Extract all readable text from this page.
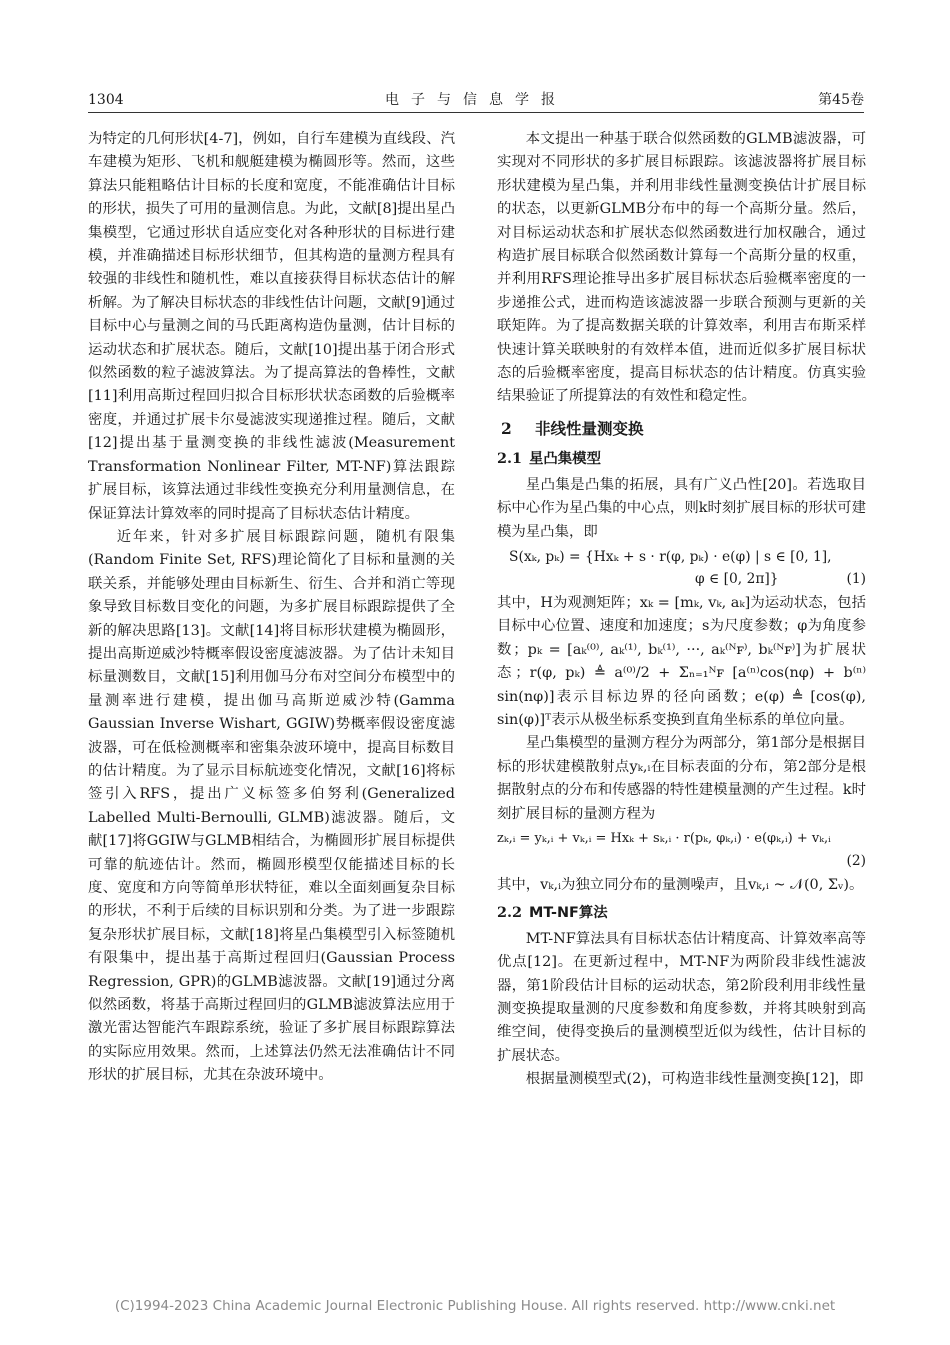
1304	电子与信息学报	第45卷

为特定的几何形状[4-7]，例如，自行车建模为直线段、汽车建模为矩形、飞机和舰艇建模为椭圆形等。然而，这些算法只能粗略估计目标的长度和宽度，不能准确估计目标的形状，损失了可用的量测信息。为此，文献[8]提出星凸集模型，它通过形状自适应变化对各种形状的目标进行建模，并准确描述目标形状细节，但其构造的量测方程具有较强的非线性和随机性，难以直接获得目标状态估计的解析解。为了解决目标状态的非线性估计问题，文献[9]通过目标中心与量测之间的马氏距离构造伪量测，估计目标的运动状态和扩展状态。随后，文献[10]提出基于闭合形式似然函数的粒子滤波算法。为了提高算法的鲁棒性，文献[11]利用高斯过程回归拟合目标形状状态函数的后验概率密度，并通过扩展卡尔曼滤波实现递推过程。随后，文献[12]提出基于量测变换的非线性滤波(Measurement Transformation Nonlinear Filter, MT-NF)算法跟踪扩展目标，该算法通过非线性变换充分利用量测信息，在保证算法计算效率的同时提高了目标状态估计精度。

近年来，针对多扩展目标跟踪问题，随机有限集(Random Finite Set, RFS)理论简化了目标和量测的关联关系，并能够处理由目标新生、衍生、合并和消亡等现象导致目标数目变化的问题，为多扩展目标跟踪提供了全新的解决思路[13]。文献[14]将目标形状建模为椭圆形，提出高斯逆威沙特概率假设密度滤波器。为了估计未知目标量测数目，文献[15]利用伽马分布对空间分布模型中的量测率进行建模，提出伽马高斯逆威沙特(Gamma Gaussian Inverse Wishart, GGIW)势概率假设密度滤波器，可在低检测概率和密集杂波环境中，提高目标数目的估计精度。为了显示目标航迹变化情况，文献[16]将标签引入RFS，提出广义标签多伯努利(Generalized Labelled Multi-Bernoulli, GLMB)滤波器。随后，文献[17]将GGIW与GLMB相结合，为椭圆形扩展目标提供可靠的航迹估计。然而，椭圆形模型仅能描述目标的长度、宽度和方向等简单形状特征，难以全面刻画复杂目标的形状，不利于后续的目标识别和分类。为了进一步跟踪复杂形状扩展目标，文献[18]将星凸集模型引入标签随机有限集中，提出基于高斯过程回归(Gaussian Process Regression, GPR)的GLMB滤波器。文献[19]通过分离似然函数，将基于高斯过程回归的GLMB滤波算法应用于激光雷达智能汽车跟踪系统，验证了多扩展目标跟踪算法的实际应用效果。然而，上述算法仍然无法准确估计不同形状的扩展目标，尤其在杂波环境中。

本文提出一种基于联合似然函数的GLMB滤波器，可实现对不同形状的多扩展目标跟踪。该滤波器将扩展目标形状建模为星凸集，并利用非线性量测变换估计扩展目标的状态，以更新GLMB分布中的每一个高斯分量。然后，对目标运动状态和扩展状态似然函数进行加权融合，通过构造扩展目标联合似然函数计算每一个高斯分量的权重，并利用RFS理论推导出多扩展目标状态后验概率密度的一步递推公式，进而构造该滤波器一步联合预测与更新的关联矩阵。为了提高数据关联的计算效率，利用吉布斯采样快速计算关联映射的有效样本值，进而近似多扩展目标状态的后验概率密度，提高目标状态的估计精度。仿真实验结果验证了所提算法的有效性和稳定性。

2 非线性量测变换
2.1 星凸集模型

星凸集是凸集的拓展，具有广义凸性[20]。若选取目标中心作为星凸集的中心点，则k时刻扩展目标的形状可建模为星凸集，即

S(xₖ, pₖ) = {Hxₖ + s · r(φ, pₖ) · e(φ) | s ∈ [0, 1],
φ ∈ [0, 2π]}	(1)

其中，H为观测矩阵；xₖ = [mₖ, vₖ, aₖ]为运动状态，包括目标中心位置、速度和加速度；s为尺度参数；φ为角度参数；pₖ = [aₖ⁽⁰⁾, aₖ⁽¹⁾, bₖ⁽¹⁾, ···, aₖ⁽ᴺꜰ⁾, bₖ⁽ᴺꜰ⁾]为扩展状态；r(φ, pₖ) ≜ a⁽⁰⁾/2 + Σₙ₌₁ᴺꜰ [a⁽ⁿ⁾cos(nφ) + b⁽ⁿ⁾sin(nφ)]表示目标边界的径向函数；e(φ) ≜ [cos(φ), sin(φ)]ᵀ表示从极坐标系变换到直角坐标系的单位向量。

星凸集模型的量测方程分为两部分，第1部分是根据目标的形状建模散射点yₖ,ᵢ在目标表面的分布，第2部分是根据散射点的分布和传感器的特性建模量测的产生过程。k时刻扩展目标的量测方程为

zₖ,ᵢ = yₖ,ᵢ + vₖ,ᵢ = Hxₖ + sₖ,ᵢ · r(pₖ, φₖ,ᵢ) · e(φₖ,ᵢ) + vₖ,ᵢ
(2)

其中，vₖ,ᵢ为独立同分布的量测噪声，且vₖ,ᵢ ~ 𝒩(0, Σᵥ)。

2.2 MT-NF算法

MT-NF算法具有目标状态估计精度高、计算效率高等优点[12]。在更新过程中，MT-NF为两阶段非线性滤波器，第1阶段估计目标的运动状态，第2阶段利用非线性量测变换提取量测的尺度参数和角度参数，并将其映射到高维空间，使得变换后的量测模型近似为线性，估计目标的扩展状态。

根据量测模型式(2)，可构造非线性量测变换[12]，即

(C)1994-2023 China Academic Journal Electronic Publishing House. All rights reserved. http://www.cnki.net
